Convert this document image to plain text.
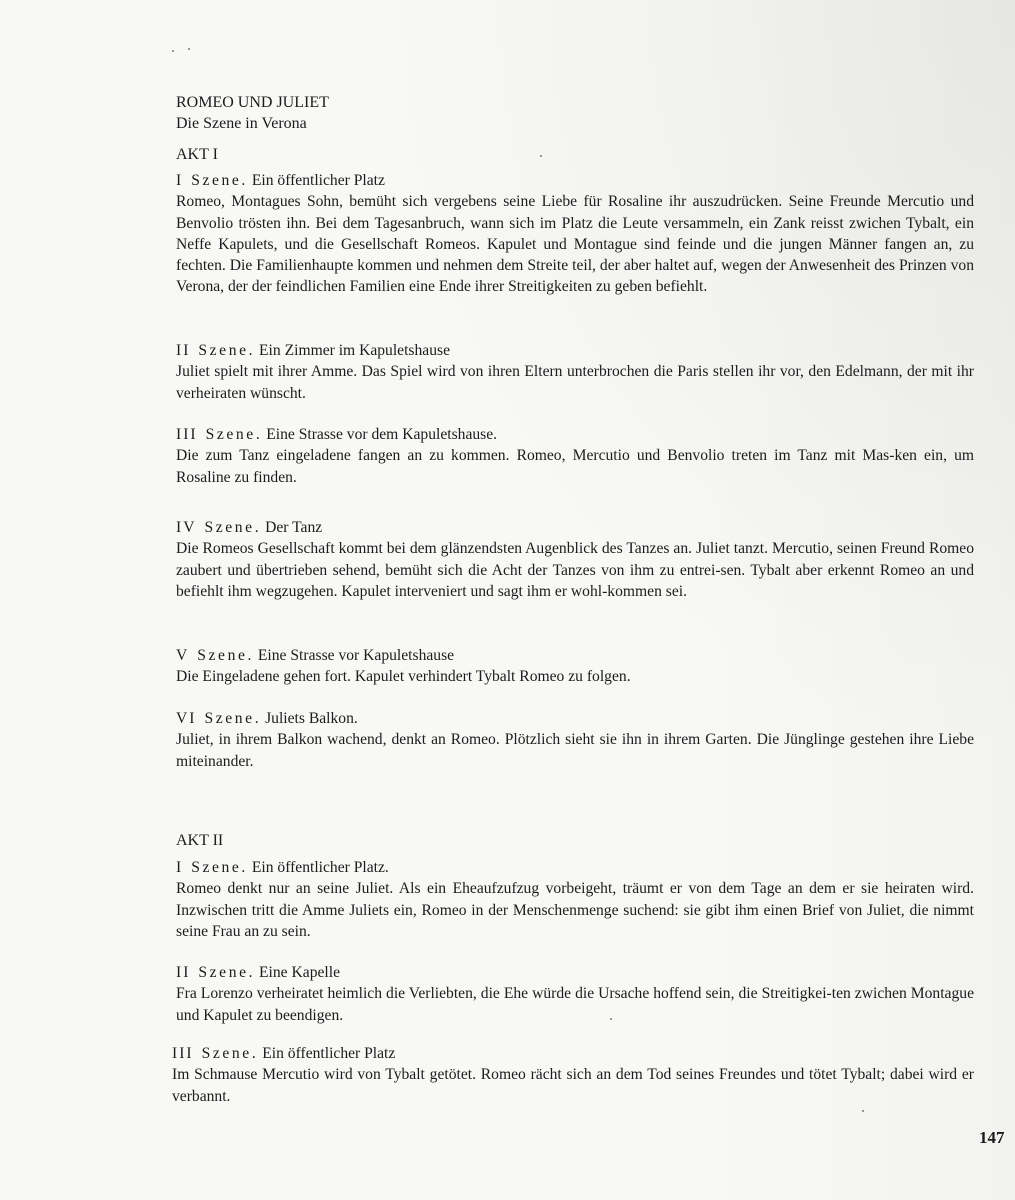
ROMEO UND JULIET
Die Szene in Verona
AKT I
I Szene. Ein öffentlicher Platz
Romeo, Montagues Sohn, bemüht sich vergebens seine Liebe für Rosaline ihr auszudrücken. Seine Freunde Mercutio und Benvolio trösten ihn. Bei dem Tagesanbruch, wann sich im Platz die Leute versammeln, ein Zank reisst zwichen Tybalt, ein Neffe Kapulets, und die Gesellschaft Romeos. Kapulet und Montague sind feinde und die jungen Männer fangen an, zu fechten. Die Familienhaupte kommen und nehmen dem Streite teil, der aber haltet auf, wegen der Anwesenheit des Prinzen von Verona, der der feindlichen Familien eine Ende ihrer Streitigkeiten zu geben befiehlt.
II Szene. Ein Zimmer im Kapuletshause
Juliet spielt mit ihrer Amme. Das Spiel wird von ihren Eltern unterbrochen die Paris stellen ihr vor, den Edelmann, der mit ihr verheiraten wünscht.
III Szene. Eine Strasse vor dem Kapuletshause.
Die zum Tanz eingeladene fangen an zu kommen. Romeo, Mercutio und Benvolio treten im Tanz mit Mas-ken ein, um Rosaline zu finden.
IV Szene. Der Tanz
Die Romeos Gesellschaft kommt bei dem glänzendsten Augenblick des Tanzes an. Juliet tanzt. Mercutio, seinen Freund Romeo zaubert und übertrieben sehend, bemüht sich die Acht der Tanzes von ihm zu entrei-sen. Tybalt aber erkennt Romeo an und befiehlt ihm wegzugehen. Kapulet interveniert und sagt ihm er wohl-kommen sei.
V Szene. Eine Strasse vor Kapuletshause
Die Eingeladene gehen fort. Kapulet verhindert Tybalt Romeo zu folgen.
VI Szene. Juliets Balkon.
Juliet, in ihrem Balkon wachend, denkt an Romeo. Plötzlich sieht sie ihn in ihrem Garten. Die Jünglinge gestehen ihre Liebe miteinander.
AKT II
I Szene. Ein öffentlicher Platz.
Romeo denkt nur an seine Juliet. Als ein Eheaufzufzug vorbeigeht, träumt er von dem Tage an dem er sie heiraten wird. Inzwischen tritt die Amme Juliets ein, Romeo in der Menschenmenge suchend: sie gibt ihm einen Brief von Juliet, die nimmt seine Frau an zu sein.
II Szene. Eine Kapelle
Fra Lorenzo verheiratet heimlich die Verliebten, die Ehe würde die Ursache hoffend sein, die Streitigkei-ten zwichen Montague und Kapulet zu beendigen.
III Szene. Ein öffentlicher Platz
Im Schmause Mercutio wird von Tybalt getötet. Romeo rächt sich an dem Tod seines Freundes und tötet Tybalt; dabei wird er verbannt.
147
